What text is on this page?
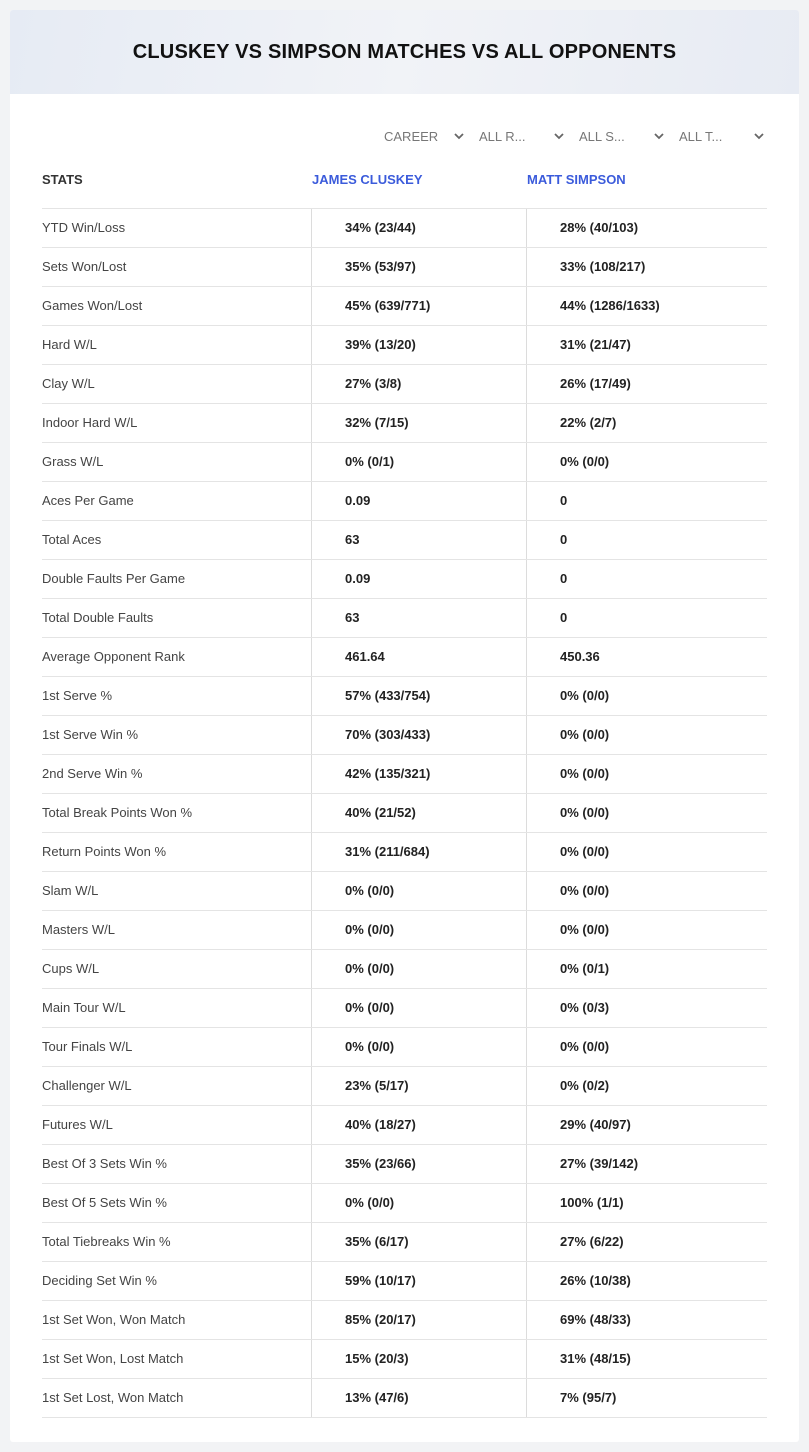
CLUSKEY VS SIMPSON MATCHES VS ALL OPPONENTS
CAREER	ALL R...	ALL S...	ALL T...
STATS	JAMES CLUSKEY	MATT SIMPSON
YTD Win/Loss	34% (23/44)	28% (40/103)
Sets Won/Lost	35% (53/97)	33% (108/217)
Games Won/Lost	45% (639/771)	44% (1286/1633)
Hard W/L	39% (13/20)	31% (21/47)
Clay W/L	27% (3/8)	26% (17/49)
Indoor Hard W/L	32% (7/15)	22% (2/7)
Grass W/L	0% (0/1)	0% (0/0)
Aces Per Game	0.09	0
Total Aces	63	0
Double Faults Per Game	0.09	0
Total Double Faults	63	0
Average Opponent Rank	461.64	450.36
1st Serve %	57% (433/754)	0% (0/0)
1st Serve Win %	70% (303/433)	0% (0/0)
2nd Serve Win %	42% (135/321)	0% (0/0)
Total Break Points Won %	40% (21/52)	0% (0/0)
Return Points Won %	31% (211/684)	0% (0/0)
Slam W/L	0% (0/0)	0% (0/0)
Masters W/L	0% (0/0)	0% (0/0)
Cups W/L	0% (0/0)	0% (0/1)
Main Tour W/L	0% (0/0)	0% (0/3)
Tour Finals W/L	0% (0/0)	0% (0/0)
Challenger W/L	23% (5/17)	0% (0/2)
Futures W/L	40% (18/27)	29% (40/97)
Best Of 3 Sets Win %	35% (23/66)	27% (39/142)
Best Of 5 Sets Win %	0% (0/0)	100% (1/1)
Total Tiebreaks Win %	35% (6/17)	27% (6/22)
Deciding Set Win %	59% (10/17)	26% (10/38)
1st Set Won, Won Match	85% (20/17)	69% (48/33)
1st Set Won, Lost Match	15% (20/3)	31% (48/15)
1st Set Lost, Won Match	13% (47/6)	7% (95/7)
